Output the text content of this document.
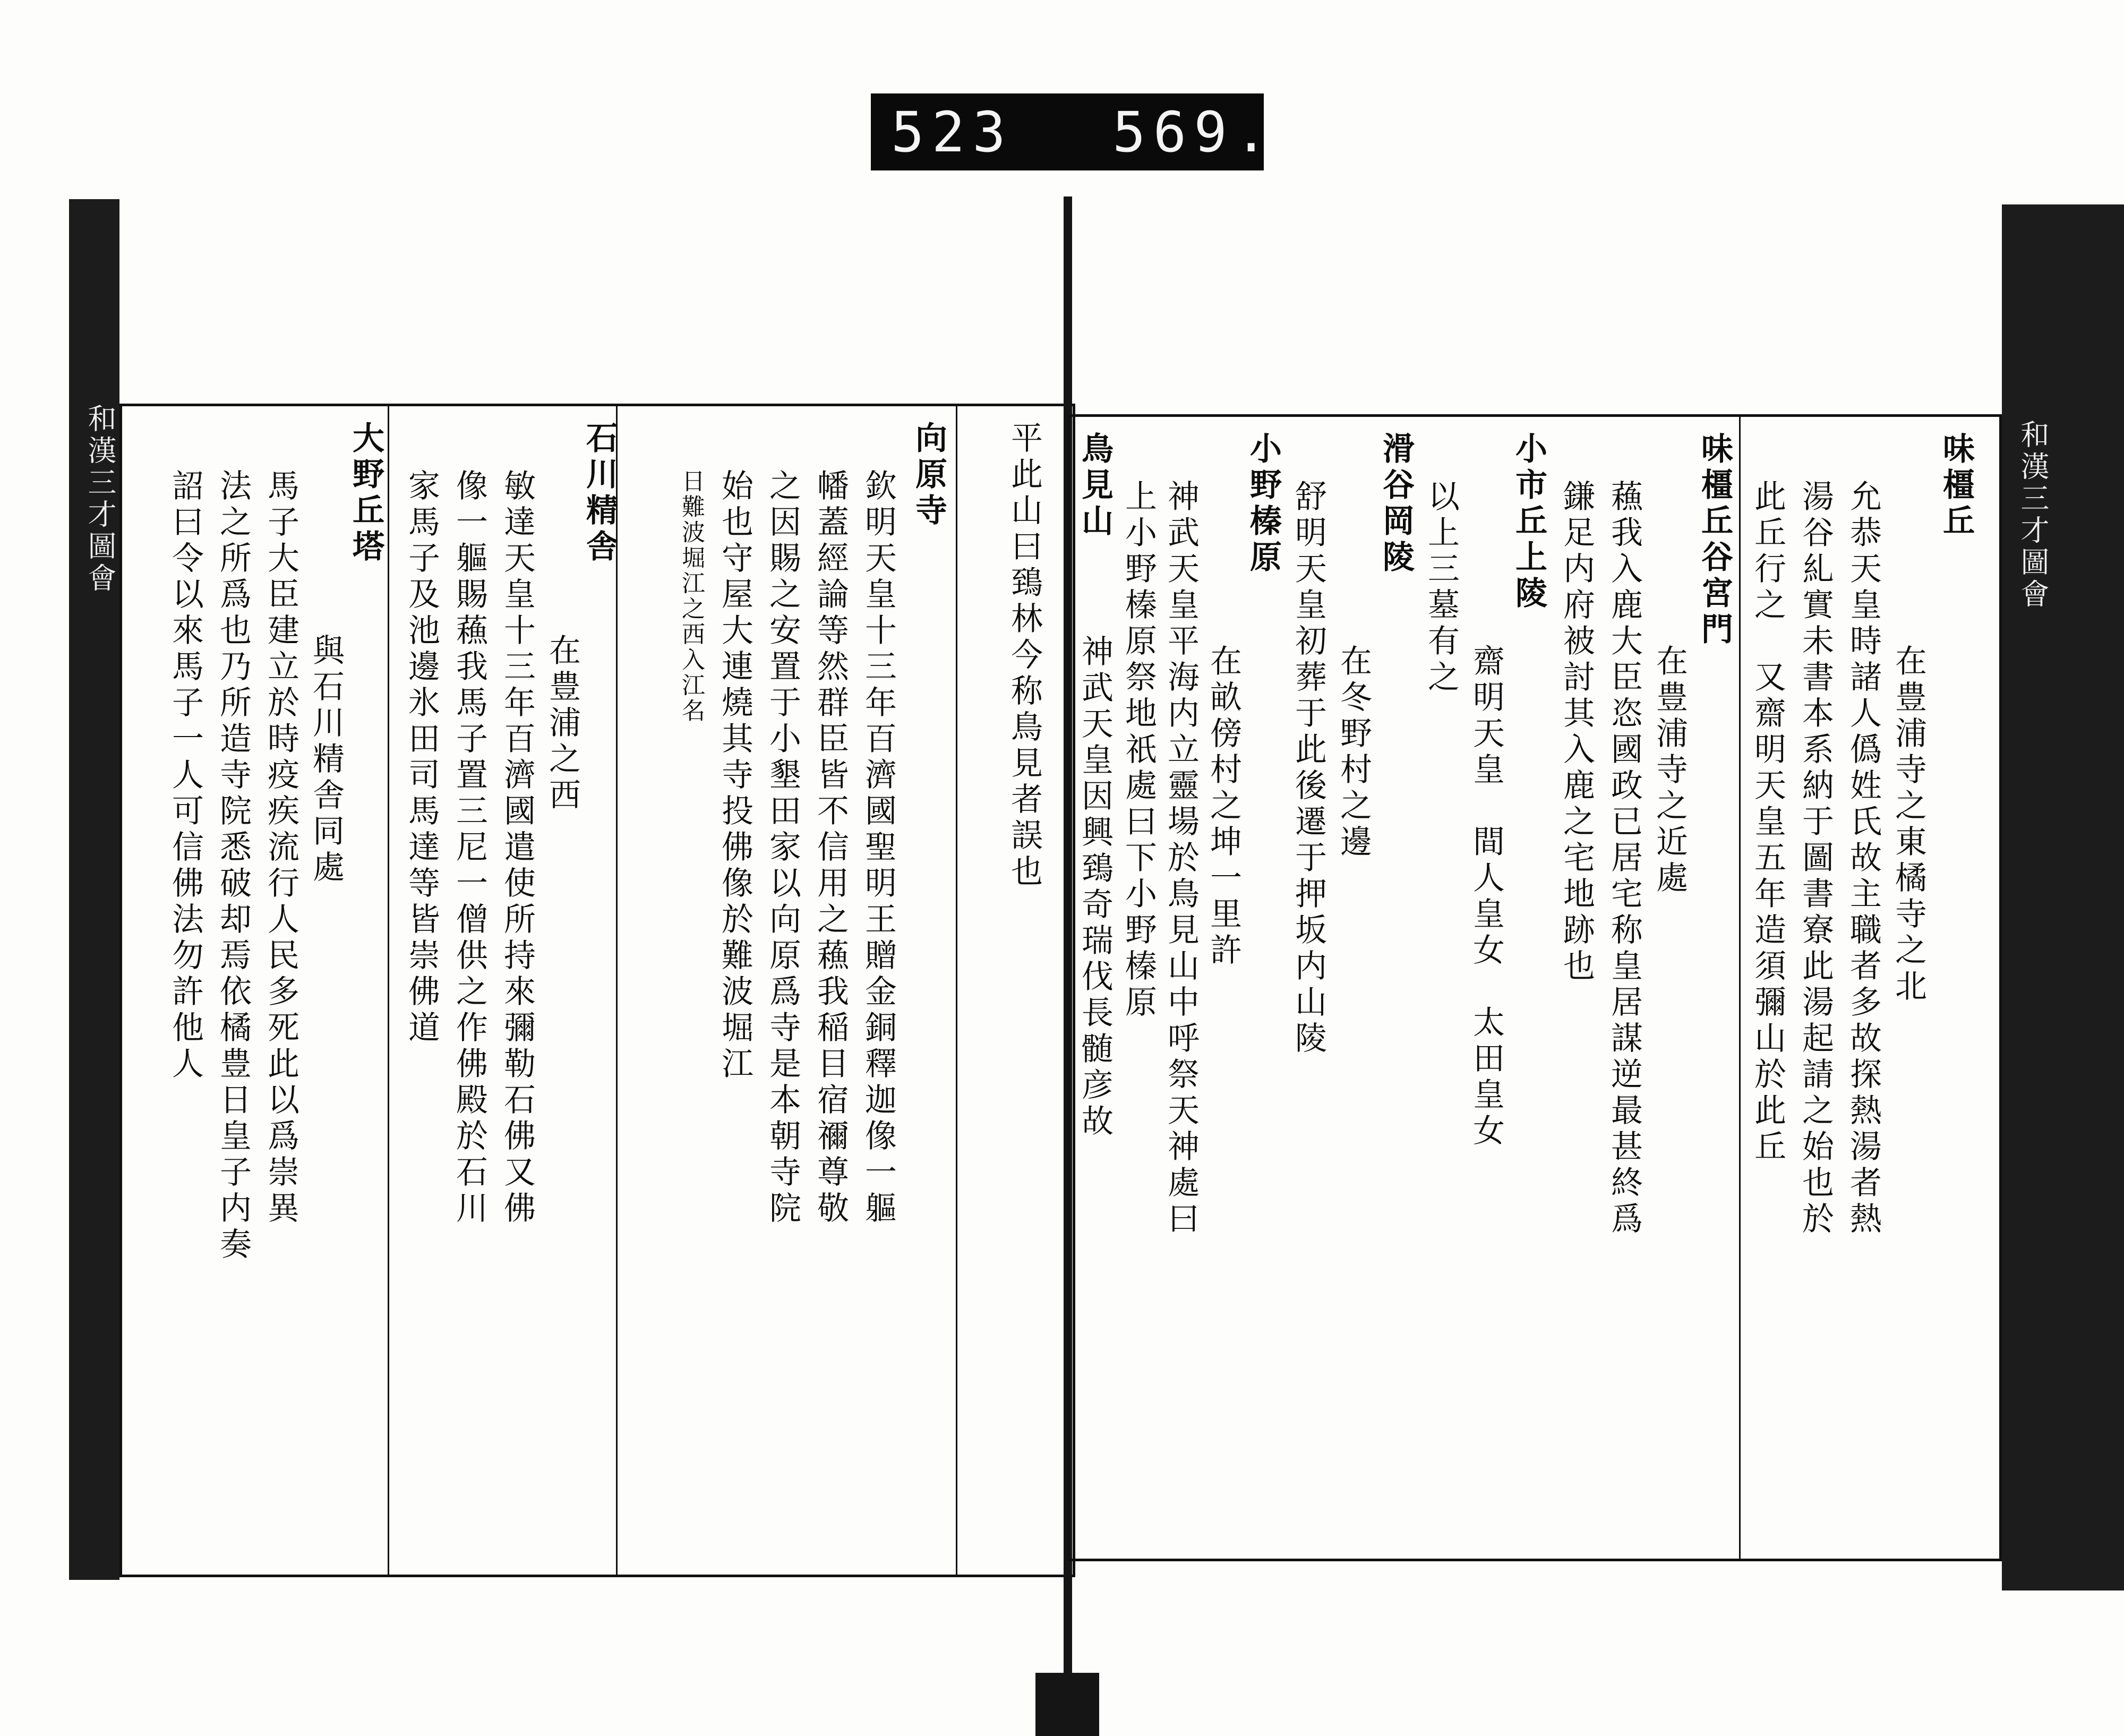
523 569.
和漢三才圖會	和漢三才圖會
平此山曰鵄林今称鳥見者誤也
向原寺
欽明天皇十三年百濟國聖明王贈金銅釋迦像一軀
幡蓋經論等然群臣皆不信用之蘓我稲目宿禰尊敬
之因賜之安置于小墾田家以向原爲寺是本朝寺院
始也守屋大連燒其寺投佛像於難波堀江
日難波堀江之西入江名
石川精舎
在豊浦之西
敏達天皇十三年百濟國遣使所持來彌勒石佛又佛
像一軀賜蘓我馬子置三尼一僧供之作佛殿於石川
家馬子及池邊氷田司馬達等皆崇佛道
大野丘塔
與石川精舎同處
馬子大臣建立於時疫疾流行人民多死此以爲崇異
法之所爲也乃所造寺院悉破却焉依橘豊日皇子内奏
詔曰令以來馬子一人可信佛法勿許他人	味橿丘
在豊浦寺之東橘寺之北
允恭天皇時諸人僞姓氏故主職者多故探熱湯者熱
湯谷糺實未書本系納于圖書寮此湯起請之始也於
此丘行之　又齋明天皇五年造須彌山於此丘
味橿丘谷宮門
在豊浦寺之近處
蘓我入鹿大臣恣國政已居宅称皇居謀逆最甚終爲
鎌足内府被討其入鹿之宅地跡也
小市丘上陵
齋明天皇　間人皇女　太田皇女
以上三墓有之
滑谷岡陵
在冬野村之邊
舒明天皇初葬于此後遷于押坂内山陵
小野榛原
在畝傍村之坤一里許
神武天皇平海内立靈場於鳥見山中呼祭天神處曰
上小野榛原祭地祇處曰下小野榛原
鳥見山
神武天皇因興鵄奇瑞伐長髄彦故
